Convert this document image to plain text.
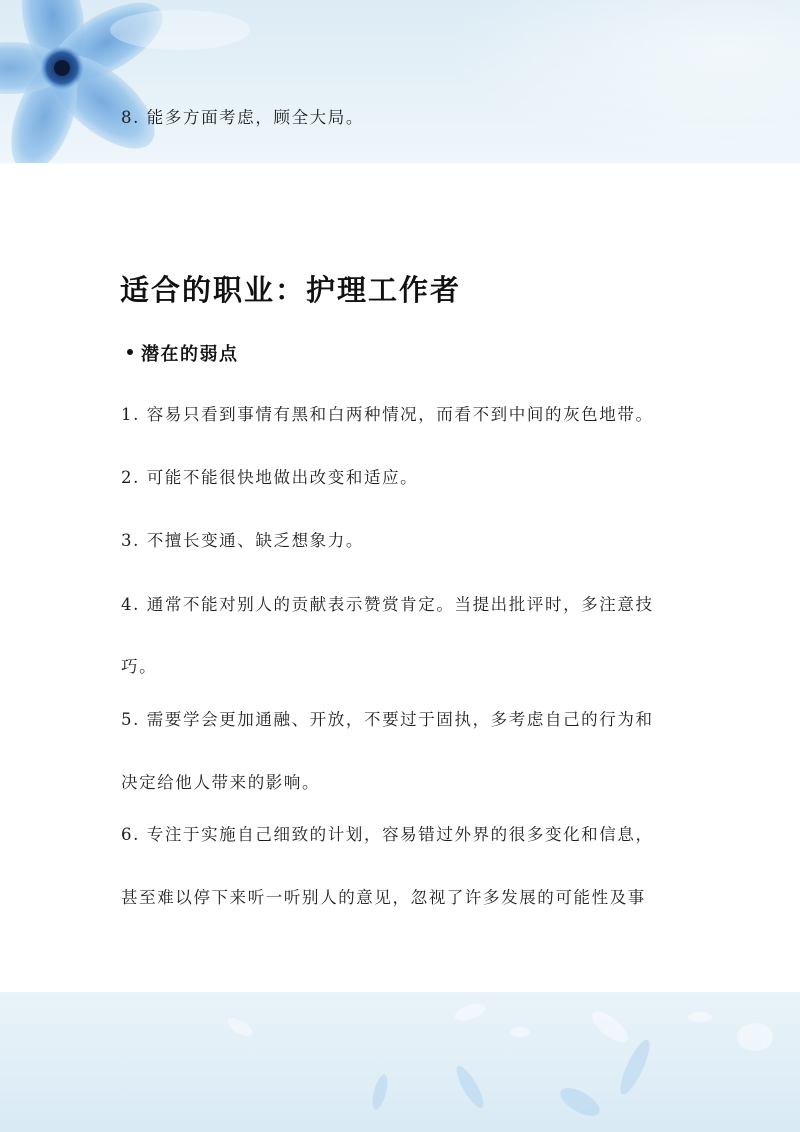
8. 能多方面考虑，顾全大局。
适合的职业：护理工作者
潜在的弱点
1. 容易只看到事情有黑和白两种情况，而看不到中间的灰色地带。
2. 可能不能很快地做出改变和适应。
3. 不擅长变通、缺乏想象力。
4. 通常不能对别人的贡献表示赞赏肯定。当提出批评时，多注意技
巧。
5. 需要学会更加通融、开放，不要过于固执，多考虑自己的行为和
决定给他人带来的影响。
6. 专注于实施自己细致的计划，容易错过外界的很多变化和信息，
甚至难以停下来听一听别人的意见，忽视了许多发展的可能性及事
